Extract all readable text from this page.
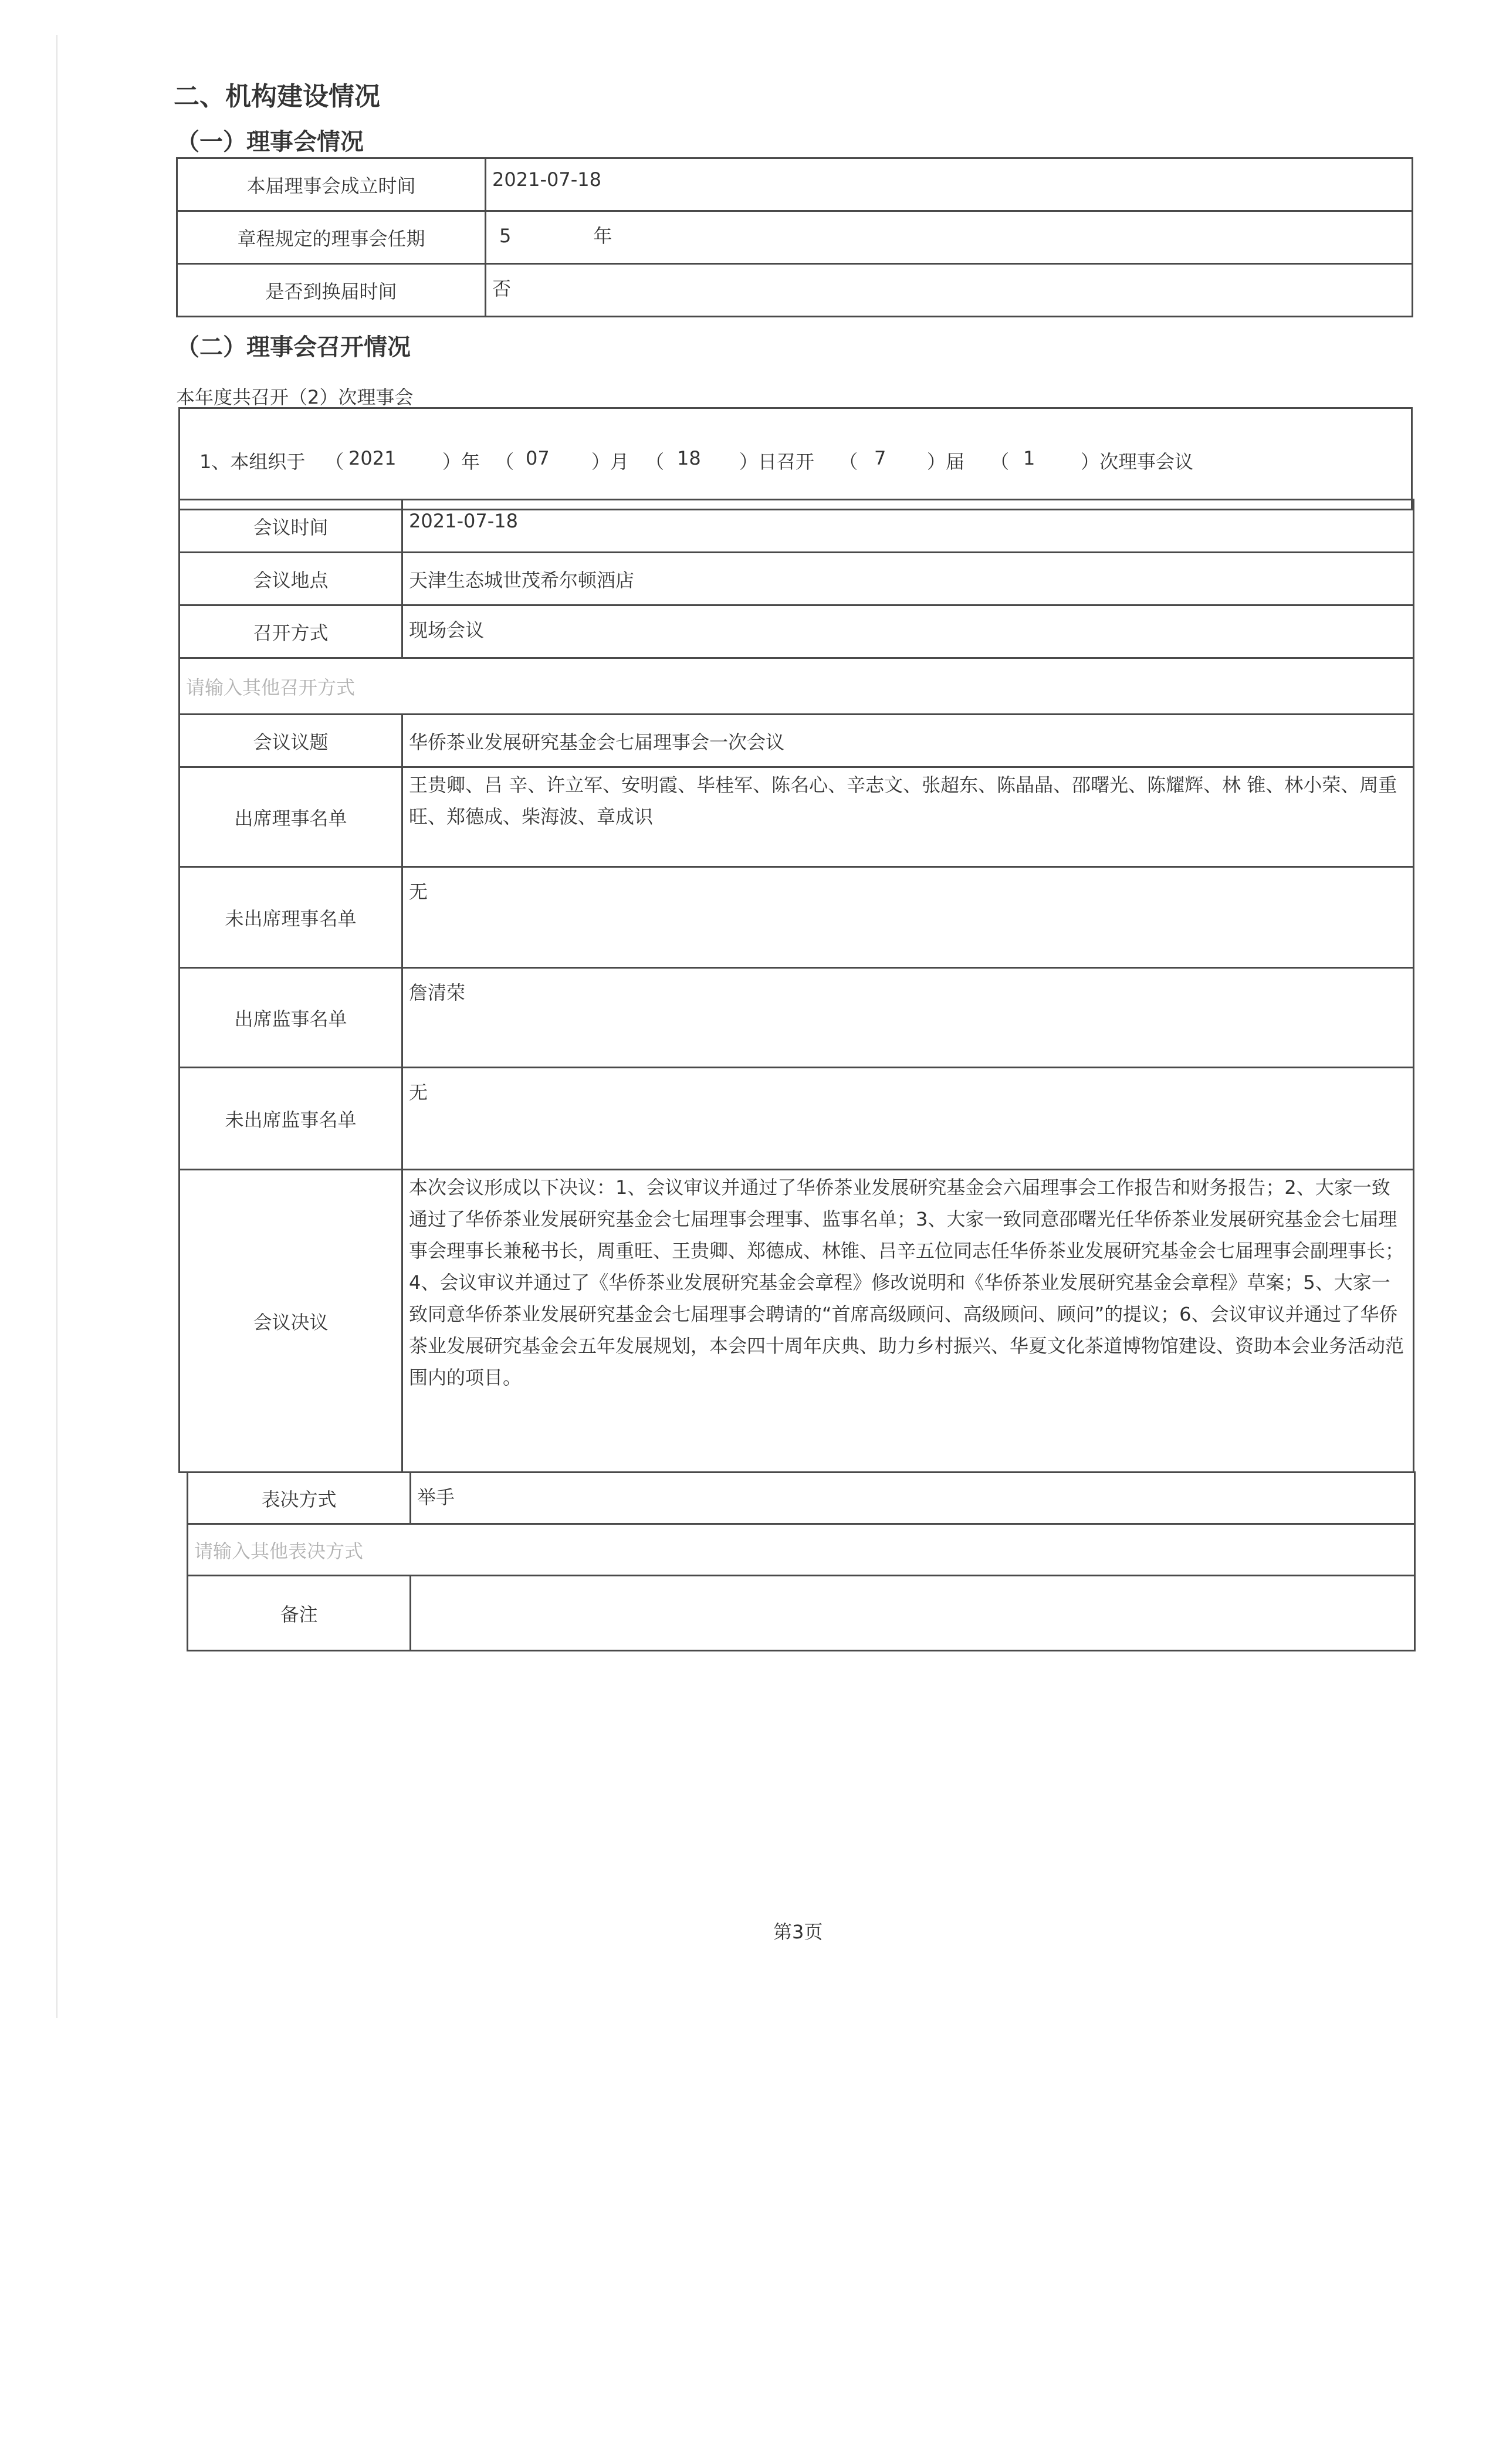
二、机构建设情况
（一）理事会情况
本届理事会成立时间	2021-07-18
章程规定的理事会任期	5 年
是否到换届时间	否
（二）理事会召开情况
本年度共召开（2）次理事会
1、本组织于 （ 2021 ）年 （ 07 ）月 （ 18 ）日召开 （ 7 ）届 （ 1 ）次理事会议
会议时间	2021-07-18
会议地点	天津生态城世茂希尔顿酒店
召开方式	现场会议
请输入其他召开方式	
会议议题	华侨茶业发展研究基金会七届理事会一次会议
出席理事名单	王贵卿、吕 辛、许立军、安明霞、毕桂军、陈名心、辛志文、张超东、陈晶晶、邵曙光、陈耀辉、林 锥、林小荣、周重旺、郑德成、柴海波、章成识
未出席理事名单	无
出席监事名单	詹清荣
未出席监事名单	无
会议决议	本次会议形成以下决议：1、会议审议并通过了华侨茶业发展研究基金会六届理事会工作报告和财务报告；2、大家一致通过了华侨茶业发展研究基金会七届理事会理事、监事名单；3、大家一致同意邵曙光任华侨茶业发展研究基金会七届理事会理事长兼秘书长，周重旺、王贵卿、郑德成、林锥、吕辛五位同志任华侨茶业发展研究基金会七届理事会副理事长；4、会议审议并通过了《华侨茶业发展研究基金会章程》修改说明和《华侨茶业发展研究基金会章程》草案；5、大家一致同意华侨茶业发展研究基金会七届理事会聘请的“首席高级顾问、高级顾问、顾问”的提议；6、会议审议并通过了华侨茶业发展研究基金会五年发展规划，本会四十周年庆典、助力乡村振兴、华夏文化茶道博物馆建设、资助本会业务活动范围内的项目。
表决方式	举手
请输入其他表决方式	
备注	
第3页
